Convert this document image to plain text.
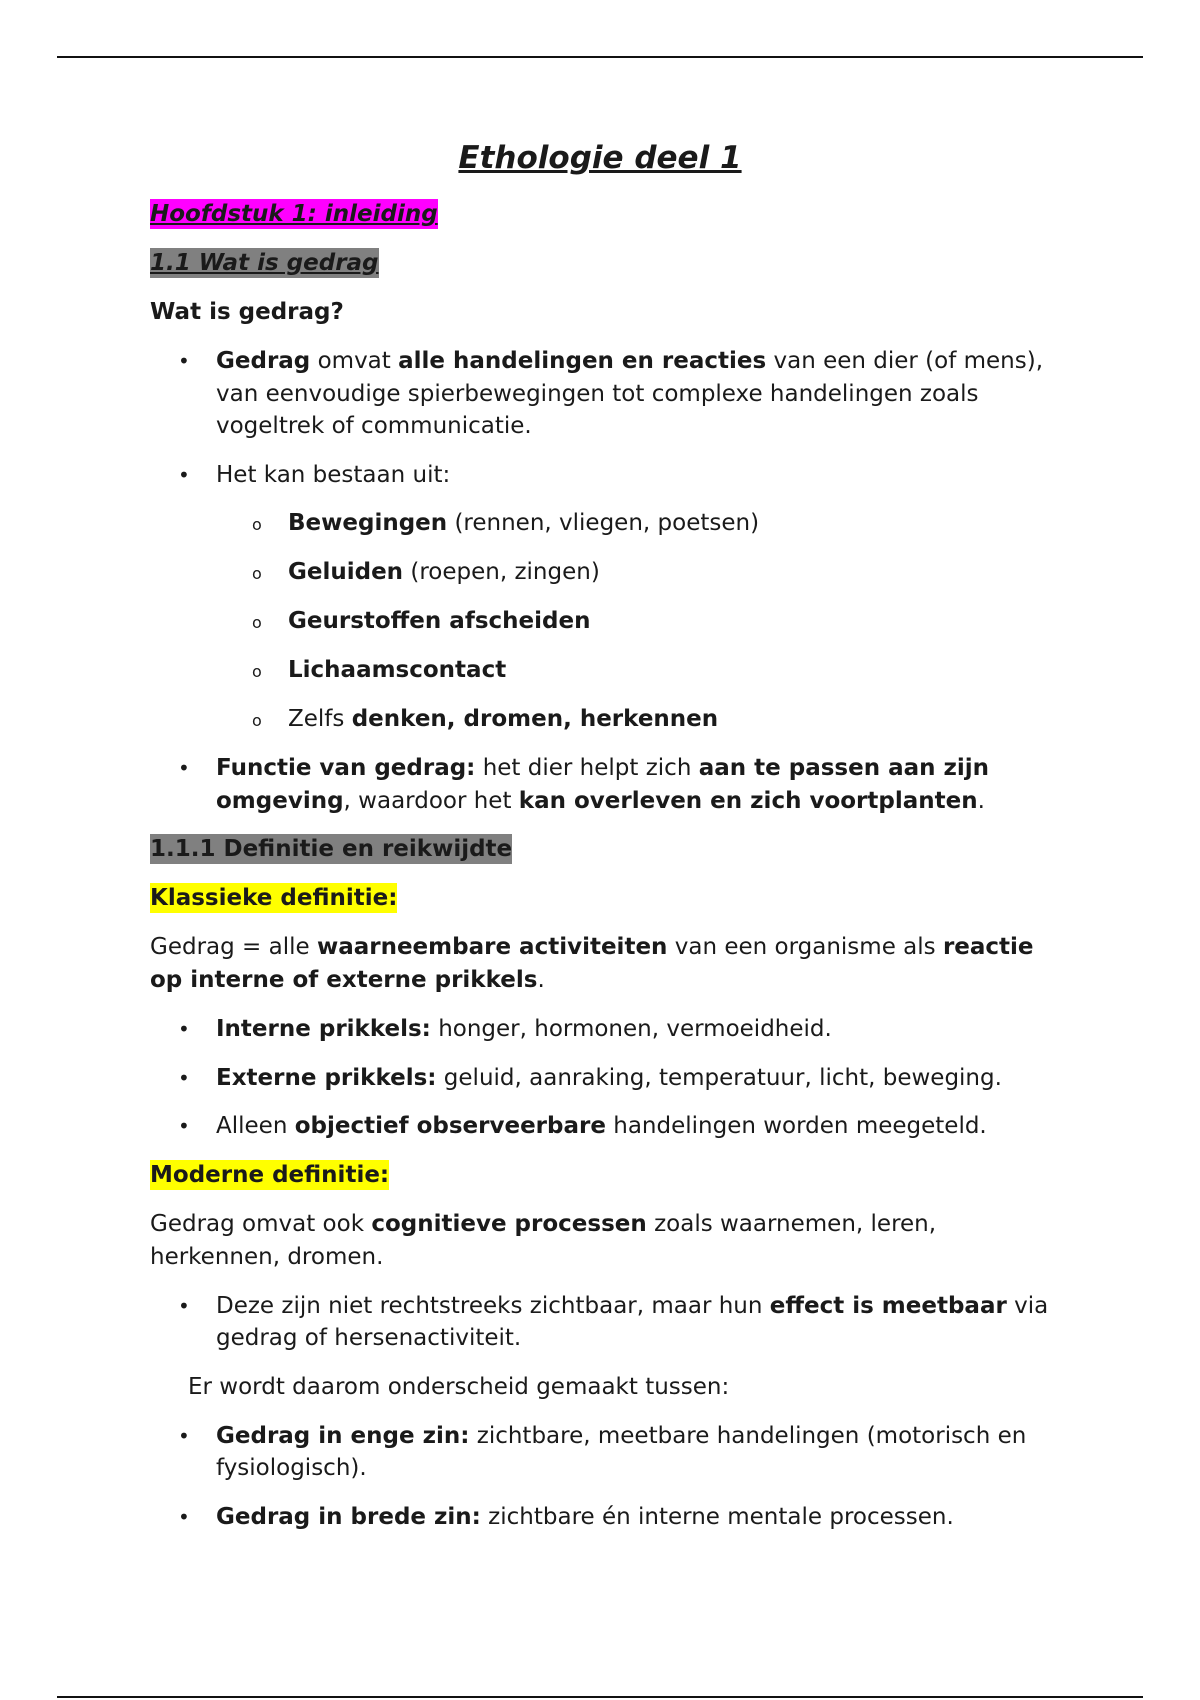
Ethologie deel 1
Hoofdstuk 1: inleiding
1.1 Wat is gedrag
Wat is gedrag?
• Gedrag omvat alle handelingen en reacties van een dier (of mens), van eenvoudige spierbewegingen tot complexe handelingen zoals vogeltrek of communicatie.
• Het kan bestaan uit:
o Bewegingen (rennen, vliegen, poetsen)
o Geluiden (roepen, zingen)
o Geurstoffen afscheiden
o Lichaamscontact
o Zelfs denken, dromen, herkennen
• Functie van gedrag: het dier helpt zich aan te passen aan zijn omgeving, waardoor het kan overleven en zich voortplanten.
1.1.1 Definitie en reikwijdte
Klassieke definitie:
Gedrag = alle waarneembare activiteiten van een organisme als reactie op interne of externe prikkels.
• Interne prikkels: honger, hormonen, vermoeidheid.
• Externe prikkels: geluid, aanraking, temperatuur, licht, beweging.
• Alleen objectief observeerbare handelingen worden meegeteld.
Moderne definitie:
Gedrag omvat ook cognitieve processen zoals waarnemen, leren, herkennen, dromen.
• Deze zijn niet rechtstreeks zichtbaar, maar hun effect is meetbaar via gedrag of hersenactiviteit.
Er wordt daarom onderscheid gemaakt tussen:
• Gedrag in enge zin: zichtbare, meetbare handelingen (motorisch en fysiologisch).
• Gedrag in brede zin: zichtbare én interne mentale processen.
